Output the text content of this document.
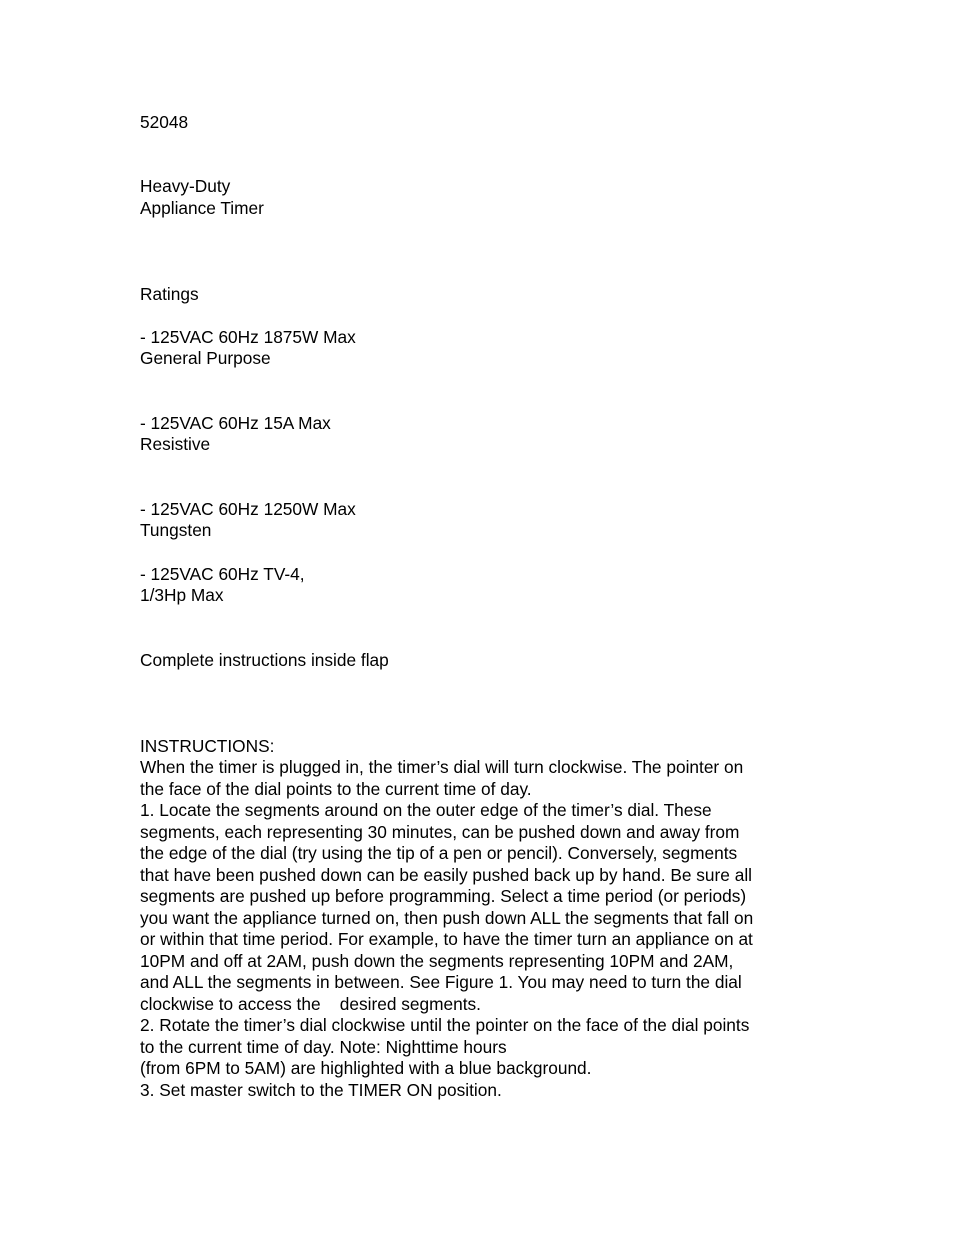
52048

Heavy-Duty

Appliance Timer

Ratings

- 125VAC 60Hz 1875W Max

General Purpose

- 125VAC 60Hz 15A Max

Resistive

- 125VAC 60Hz 1250W Max

Tungsten

- 125VAC 60Hz TV-4,

1/3Hp Max

Complete instructions inside flap

INSTRUCTIONS:

When the timer is plugged in, the timer’s dial will turn clockwise. The pointer on

the face of the dial points to the current time of day.

1. Locate the segments around on the outer edge of the timer’s dial. These

segments, each representing 30 minutes, can be pushed down and away from

the edge of the dial (try using the tip of a pen or pencil). Conversely, segments

that have been pushed down can be easily pushed back up by hand. Be sure all

segments are pushed up before programming. Select a time period (or periods)

you want the appliance turned on, then push down ALL the segments that fall on

or within that time period. For example, to have the timer turn an appliance on at

10PM and off at 2AM, push down the segments representing 10PM and 2AM,

and ALL the segments in between. See Figure 1. You may need to turn the dial

clockwise to access the    desired segments.

2. Rotate the timer’s dial clockwise until the pointer on the face of the dial points

to the current time of day. Note: Nighttime hours

(from 6PM to 5AM) are highlighted with a blue background.

3. Set master switch to the TIMER ON position.
